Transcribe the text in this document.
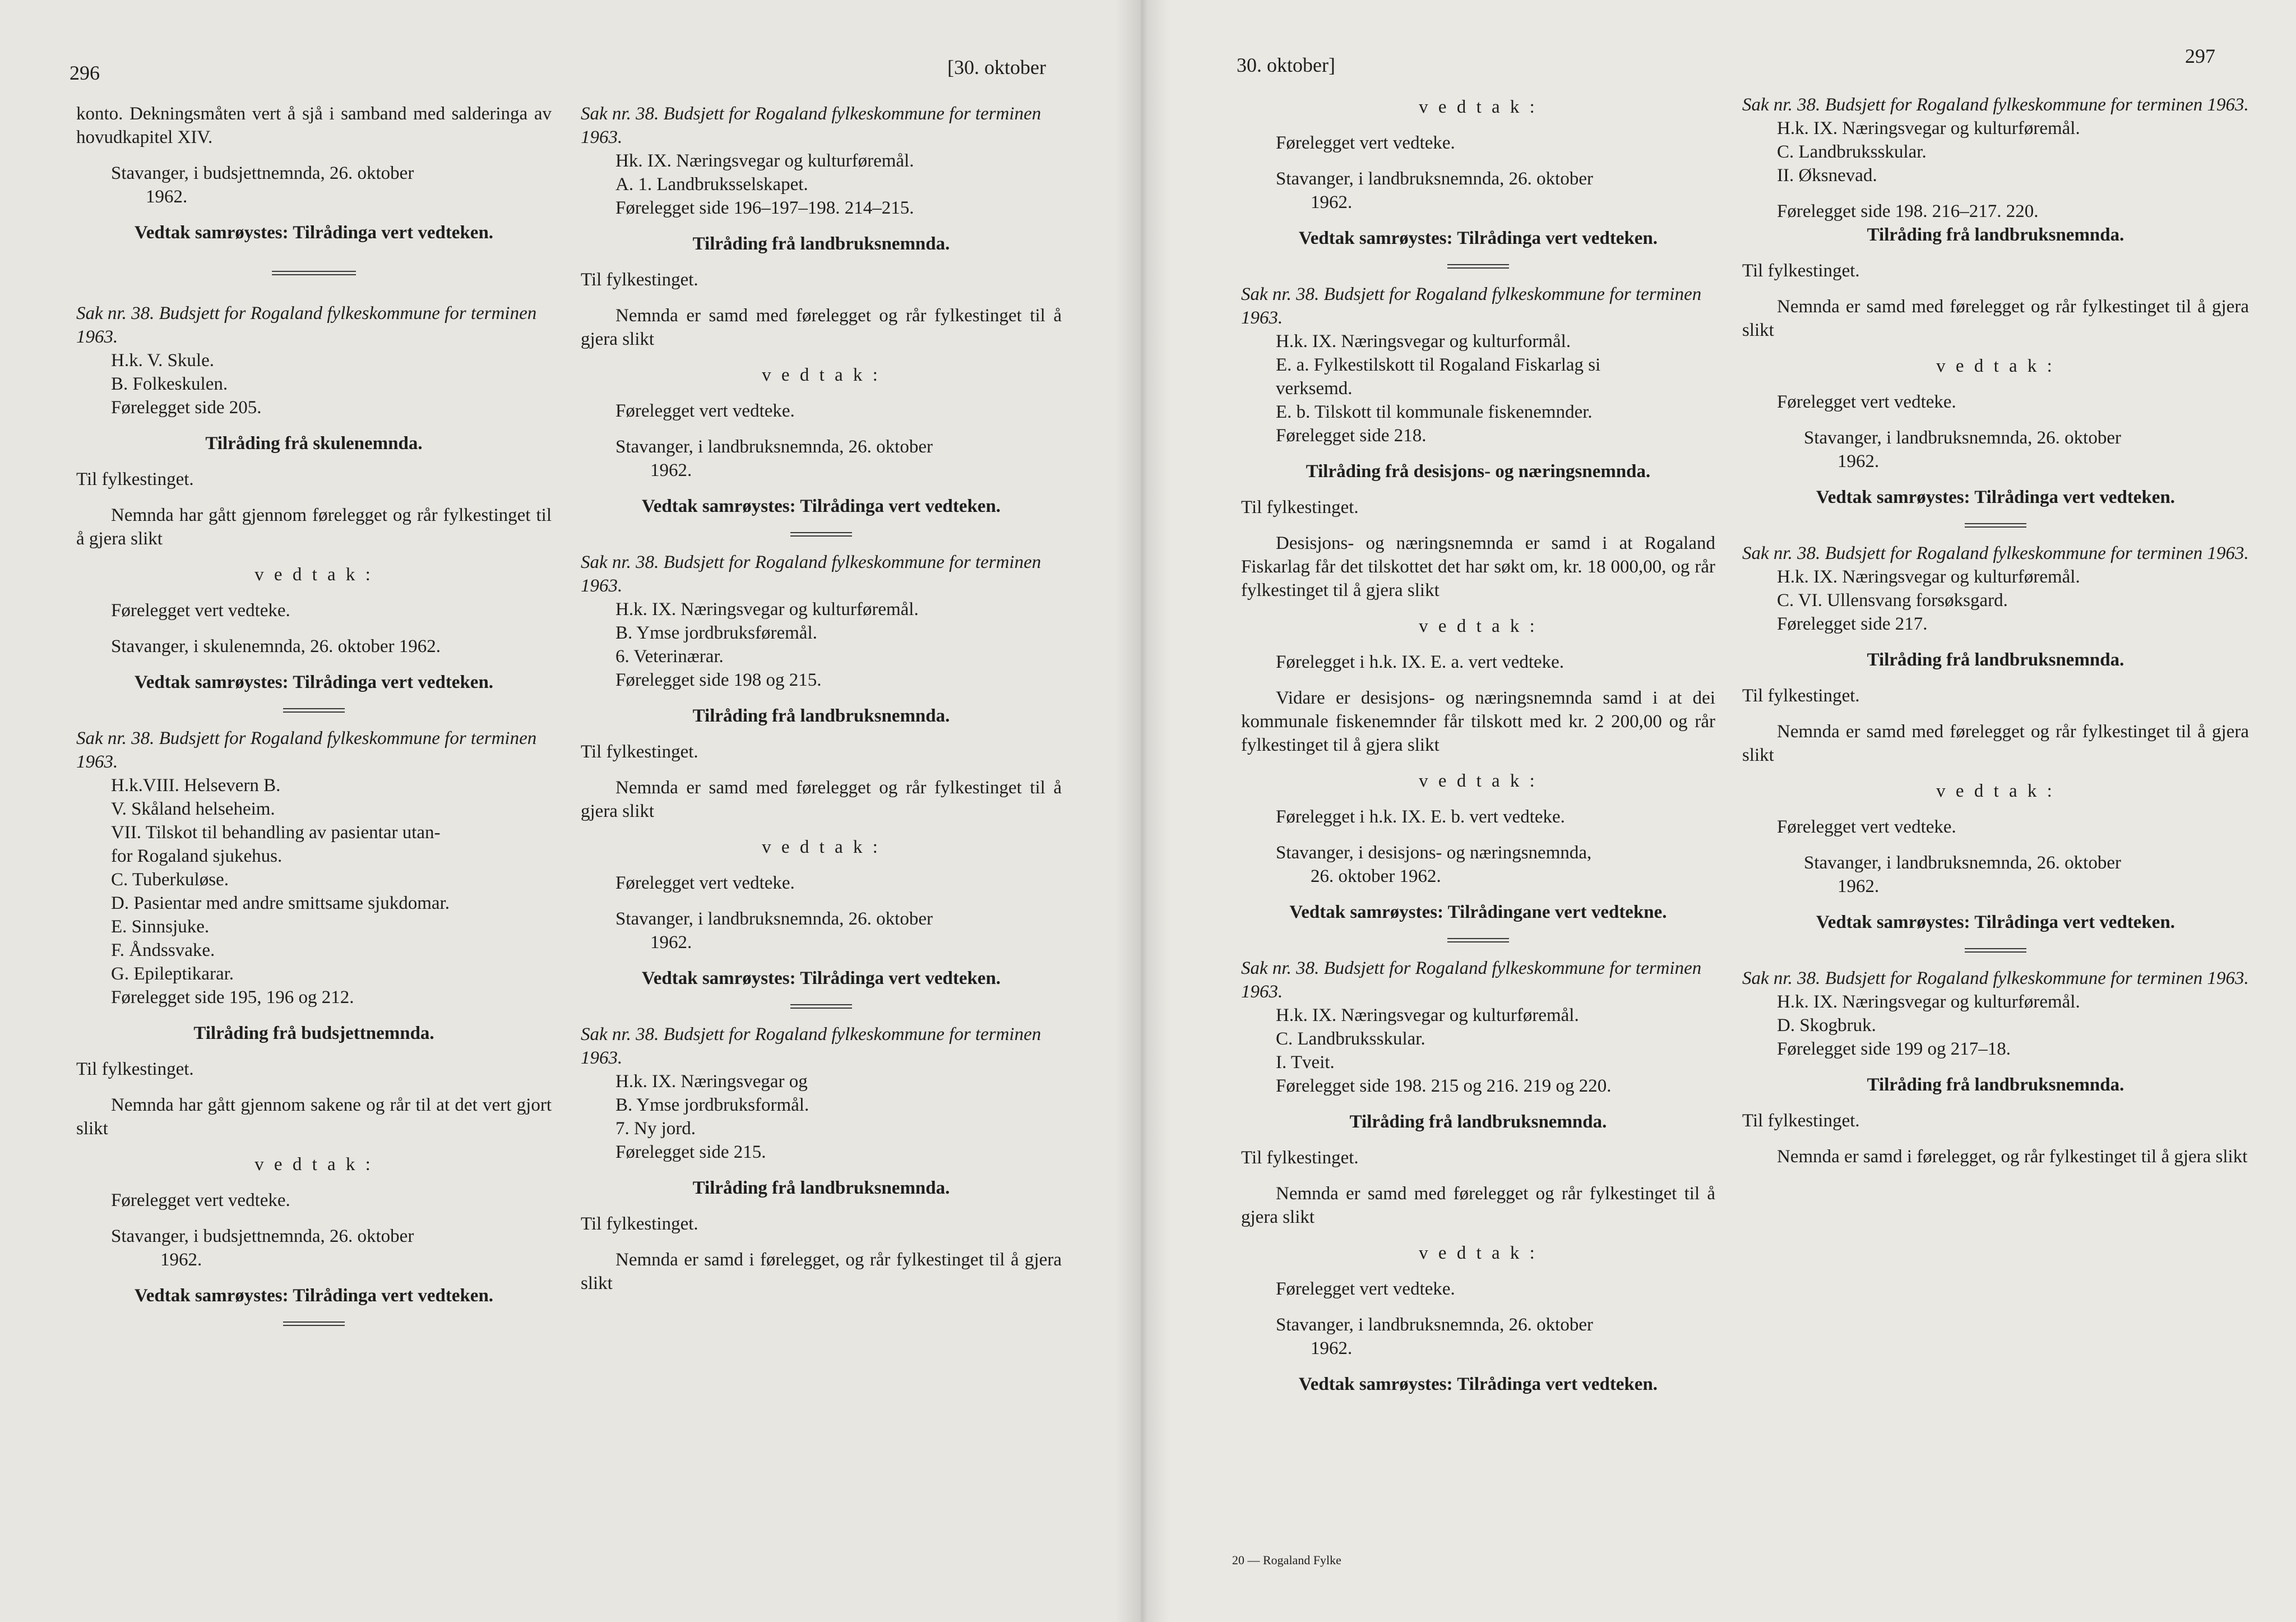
296	[30. oktober

konto. Dekningsmåten vert å sjå i samband med salderinga av hovudkapitel XIV.

Stavanger, i budsjettnemnda, 26. oktober

1962.

Vedtak samrøystes: Tilrådinga vert vedteken.

Sak nr. 38. Budsjett for Rogaland fylkeskommune for terminen 1963.

H.k. V. Skule.
B. Folkeskulen.
Førelegget side 205.

Tilråding frå skulenemnda.

Til fylkestinget.

Nemnda har gått gjennom førelegget og rår fylkestinget til å gjera slikt

v e d t a k :

Førelegget vert vedteke.

Stavanger, i skulenemnda, 26. oktober 1962.

Vedtak samrøystes: Tilrådinga vert vedteken.

Sak nr. 38. Budsjett for Rogaland fylkeskommune for terminen 1963.

H.k.VIII. Helsevern B.
V. Skåland helseheim.
VII. Tilskot til behandling av pasientar utan-
for Rogaland sjukehus.
C. Tuberkuløse.
D. Pasientar med andre smittsame sjukdomar.
E. Sinnsjuke.
F. Åndssvake.
G. Epileptikarar.
Førelegget side 195, 196 og 212.

Tilråding frå budsjettnemnda.

Til fylkestinget.

Nemnda har gått gjennom sakene og rår til at det vert gjort slikt

v e d t a k :

Førelegget vert vedteke.

Stavanger, i budsjettnemnda, 26. oktober

1962.

Vedtak samrøystes: Tilrådinga vert vedteken.

Sak nr. 38. Budsjett for Rogaland fylkeskommune for terminen 1963.

Hk. IX. Næringsvegar og kulturføremål.
A. 1. Landbruksselskapet.
Førelegget side 196–197–198. 214–215.

Tilråding frå landbruksnemnda.

Til fylkestinget.

Nemnda er samd med førelegget og rår fylkestinget til å gjera slikt

v e d t a k :

Førelegget vert vedteke.

Stavanger, i landbruksnemnda, 26. oktober

1962.

Vedtak samrøystes: Tilrådinga vert vedteken.

Sak nr. 38. Budsjett for Rogaland fylkeskommune for terminen 1963.

H.k. IX. Næringsvegar og kulturføremål.
B. Ymse jordbruksføremål.
6. Veterinærar.
Førelegget side 198 og 215.

Tilråding frå landbruksnemnda.

Til fylkestinget.

Nemnda er samd med førelegget og rår fylkestinget til å gjera slikt

v e d t a k :

Førelegget vert vedteke.

Stavanger, i landbruksnemnda, 26. oktober

1962.

Vedtak samrøystes: Tilrådinga vert vedteken.

Sak nr. 38. Budsjett for Rogaland fylkeskommune for terminen 1963.

H.k. IX. Næringsvegar og
B. Ymse jordbruksformål.
7. Ny jord.
Førelegget side 215.

Tilråding frå landbruksnemnda.

Til fylkestinget.

Nemnda er samd i førelegget, og rår fylkestinget til å gjera slikt

30. oktober]	297

v e d t a k :

Førelegget vert vedteke.

Stavanger, i landbruksnemnda, 26. oktober

1962.

Vedtak samrøystes: Tilrådinga vert vedteken.

Sak nr. 38. Budsjett for Rogaland fylkeskommune for terminen 1963.

H.k. IX. Næringsvegar og kulturformål.
E. a. Fylkestilskott til Rogaland Fiskarlag si
verksemd.
E. b. Tilskott til kommunale fiskenemnder.
Førelegget side 218.

Tilråding frå desisjons- og næringsnemnda.

Til fylkestinget.

Desisjons- og næringsnemnda er samd i at Rogaland Fiskarlag får det tilskottet det har søkt om, kr. 18 000,00, og rår fylkestinget til å gjera slikt

v e d t a k :

Førelegget i h.k. IX. E. a. vert vedteke.

Vidare er desisjons- og næringsnemnda samd i at dei kommunale fiskenemnder får tilskott med kr. 2 200,00 og rår fylkestinget til å gjera slikt

v e d t a k :

Førelegget i h.k. IX. E. b. vert vedteke.

Stavanger, i desisjons- og næringsnemnda,

26. oktober 1962.

Vedtak samrøystes: Tilrådingane vert vedtekne.

Sak nr. 38. Budsjett for Rogaland fylkeskommune for terminen 1963.

H.k. IX. Næringsvegar og kulturføremål.
C. Landbruksskular.
I. Tveit.
Førelegget side 198. 215 og 216. 219 og 220.

Tilråding frå landbruksnemnda.

Til fylkestinget.

Nemnda er samd med førelegget og rår fylkestinget til å gjera slikt

v e d t a k :

Førelegget vert vedteke.

Stavanger, i landbruksnemnda, 26. oktober

1962.

Vedtak samrøystes: Tilrådinga vert vedteken.

Sak nr. 38. Budsjett for Rogaland fylkeskommune for terminen 1963.

H.k. IX. Næringsvegar og kulturføremål.
C. Landbruksskular.
II. Øksnevad.

Førelegget side 198. 216–217. 220.

Tilråding frå landbruksnemnda.

Til fylkestinget.

Nemnda er samd med førelegget og rår fylkestinget til å gjera slikt

v e d t a k :

Førelegget vert vedteke.

Stavanger, i landbruksnemnda, 26. oktober

1962.

Vedtak samrøystes: Tilrådinga vert vedteken.

Sak nr. 38. Budsjett for Rogaland fylkeskommune for terminen 1963.

H.k. IX. Næringsvegar og kulturføremål.
C. VI. Ullensvang forsøksgard.
Førelegget side 217.

Tilråding frå landbruksnemnda.

Til fylkestinget.

Nemnda er samd med førelegget og rår fylkestinget til å gjera slikt

v e d t a k :

Førelegget vert vedteke.

Stavanger, i landbruksnemnda, 26. oktober

1962.

Vedtak samrøystes: Tilrådinga vert vedteken.

Sak nr. 38. Budsjett for Rogaland fylkeskommune for terminen 1963.

H.k. IX. Næringsvegar og kulturføremål.
D. Skogbruk.
Førelegget side 199 og 217–18.

Tilråding frå landbruksnemnda.

Til fylkestinget.

Nemnda er samd i førelegget, og rår fylkestinget til å gjera slikt

20 — Rogaland Fylke
